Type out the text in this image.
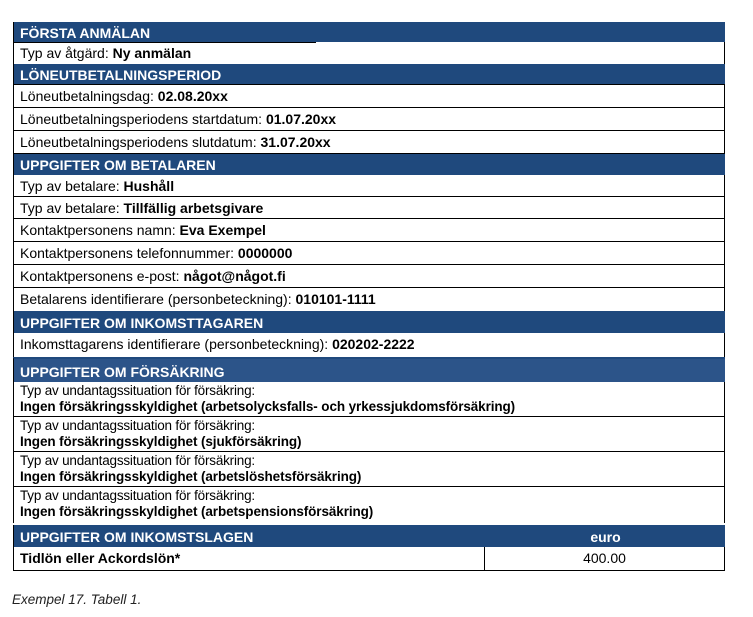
FÖRSTA ANMÄLAN
Typ av åtgärd: Ny anmälan
LÖNEUTBETALNINGSPERIOD
Löneutbetalningsdag: 02.08.20xx
Löneutbetalningsperiodens startdatum: 01.07.20xx
Löneutbetalningsperiodens slutdatum: 31.07.20xx
UPPGIFTER OM BETALAREN
Typ av betalare: Hushåll
Typ av betalare: Tillfällig arbetsgivare
Kontaktpersonens namn: Eva Exempel
Kontaktpersonens telefonnummer: 0000000
Kontaktpersonens e-post: något@något.fi
Betalarens identifierare (personbeteckning): 010101-1111
UPPGIFTER OM INKOMSTTAGAREN
Inkomsttagarens identifierare (personbeteckning): 020202-2222
UPPGIFTER OM FÖRSÄKRING
Typ av undantagssituation för försäkring:
Ingen försäkringsskyldighet (arbetsolycksfalls- och yrkessjukdomsförsäkring)
Typ av undantagssituation för försäkring:
Ingen försäkringsskyldighet (sjukförsäkring)
Typ av undantagssituation för försäkring:
Ingen försäkringsskyldighet (arbetslöshetsförsäkring)
Typ av undantagssituation för försäkring:
Ingen försäkringsskyldighet (arbetspensionsförsäkring)
UPPGIFTER OM INKOMSTSLAGEN	euro
Tidlön eller Ackordslön*	400.00
Exempel 17. Tabell 1.
